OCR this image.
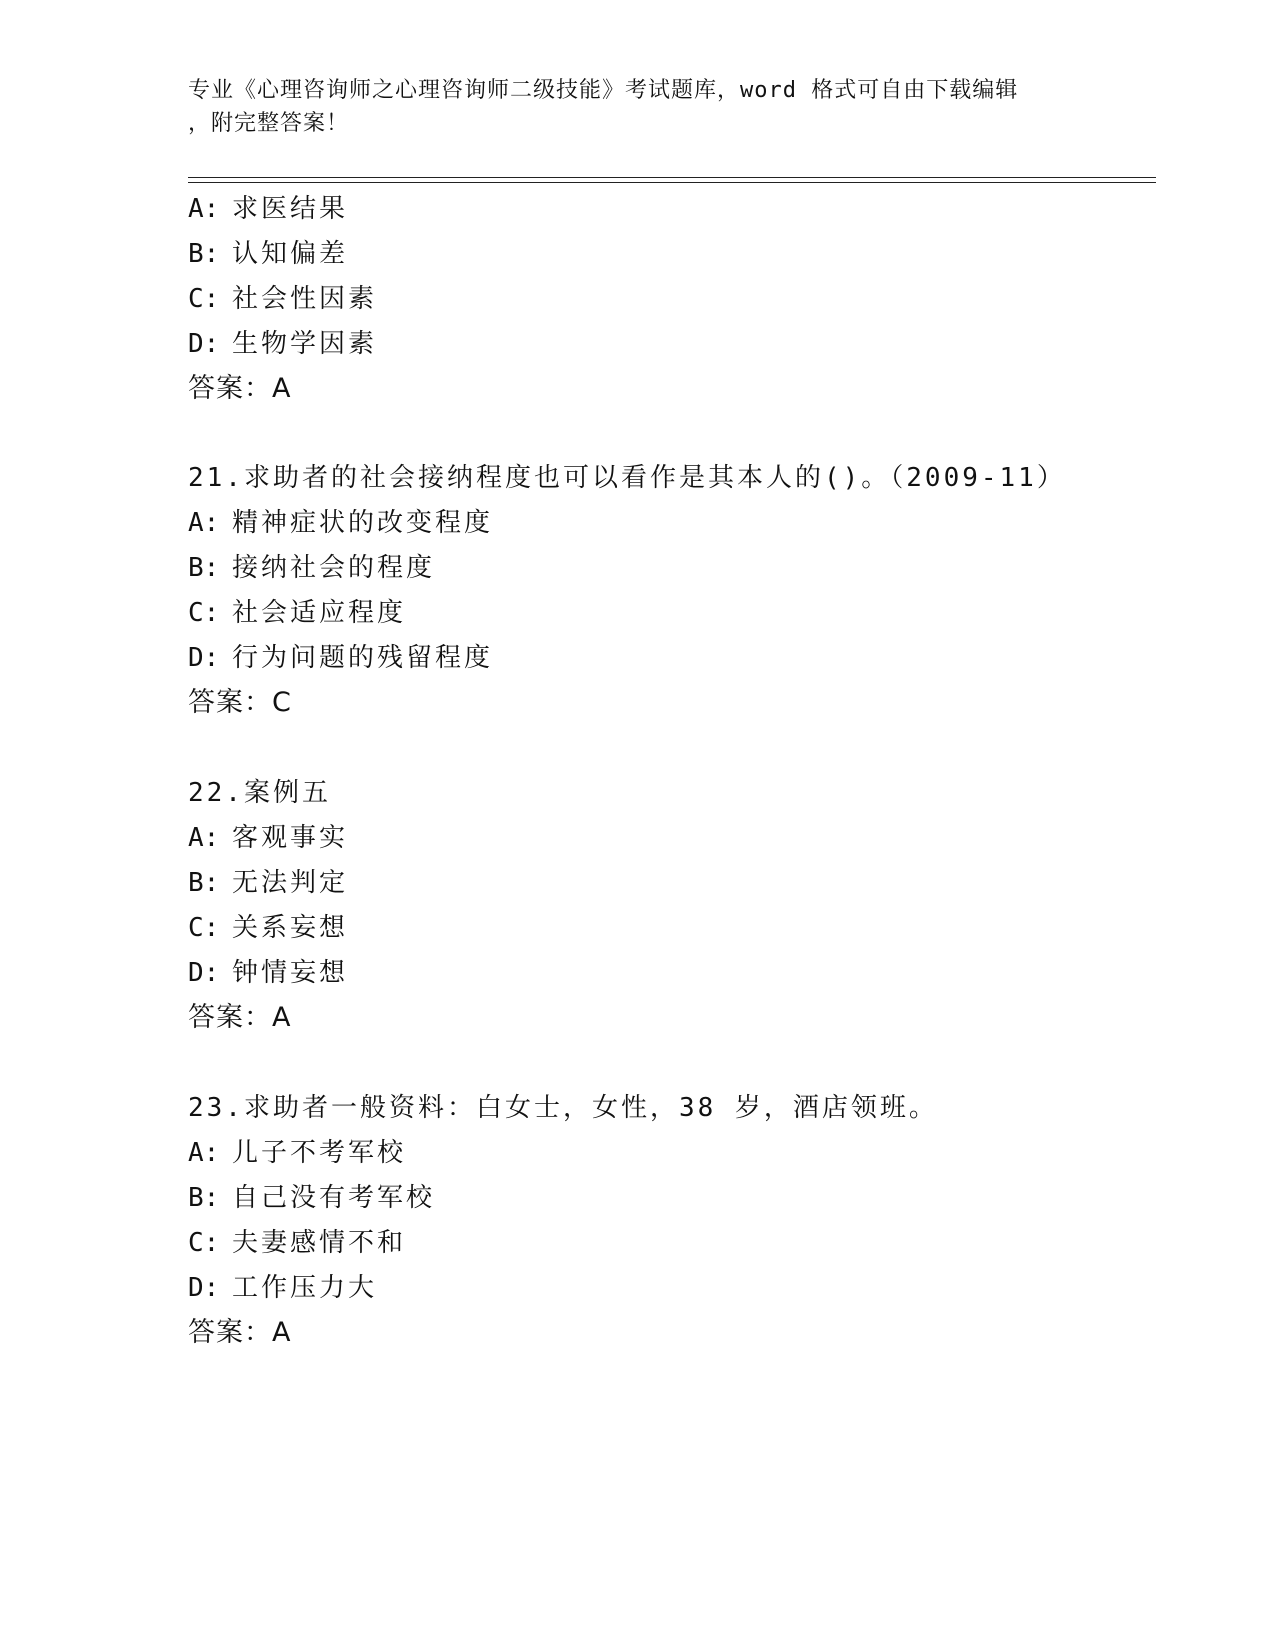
专业《心理咨询师之心理咨询师二级技能》考试题库，word 格式可自由下载编辑
，附完整答案！
A: 求医结果
B: 认知偏差
C: 社会性因素
D: 生物学因素
答案：A
21.求助者的社会接纳程度也可以看作是其本人的()。（2009-11）
A: 精神症状的改变程度
B: 接纳社会的程度
C: 社会适应程度
D: 行为问题的残留程度
答案：C
22.案例五
A: 客观事实
B: 无法判定
C: 关系妄想
D: 钟情妄想
答案：A
23.求助者一般资料：白女士，女性，38 岁，酒店领班。
A: 儿子不考军校
B: 自己没有考军校
C: 夫妻感情不和
D: 工作压力大
答案：A
